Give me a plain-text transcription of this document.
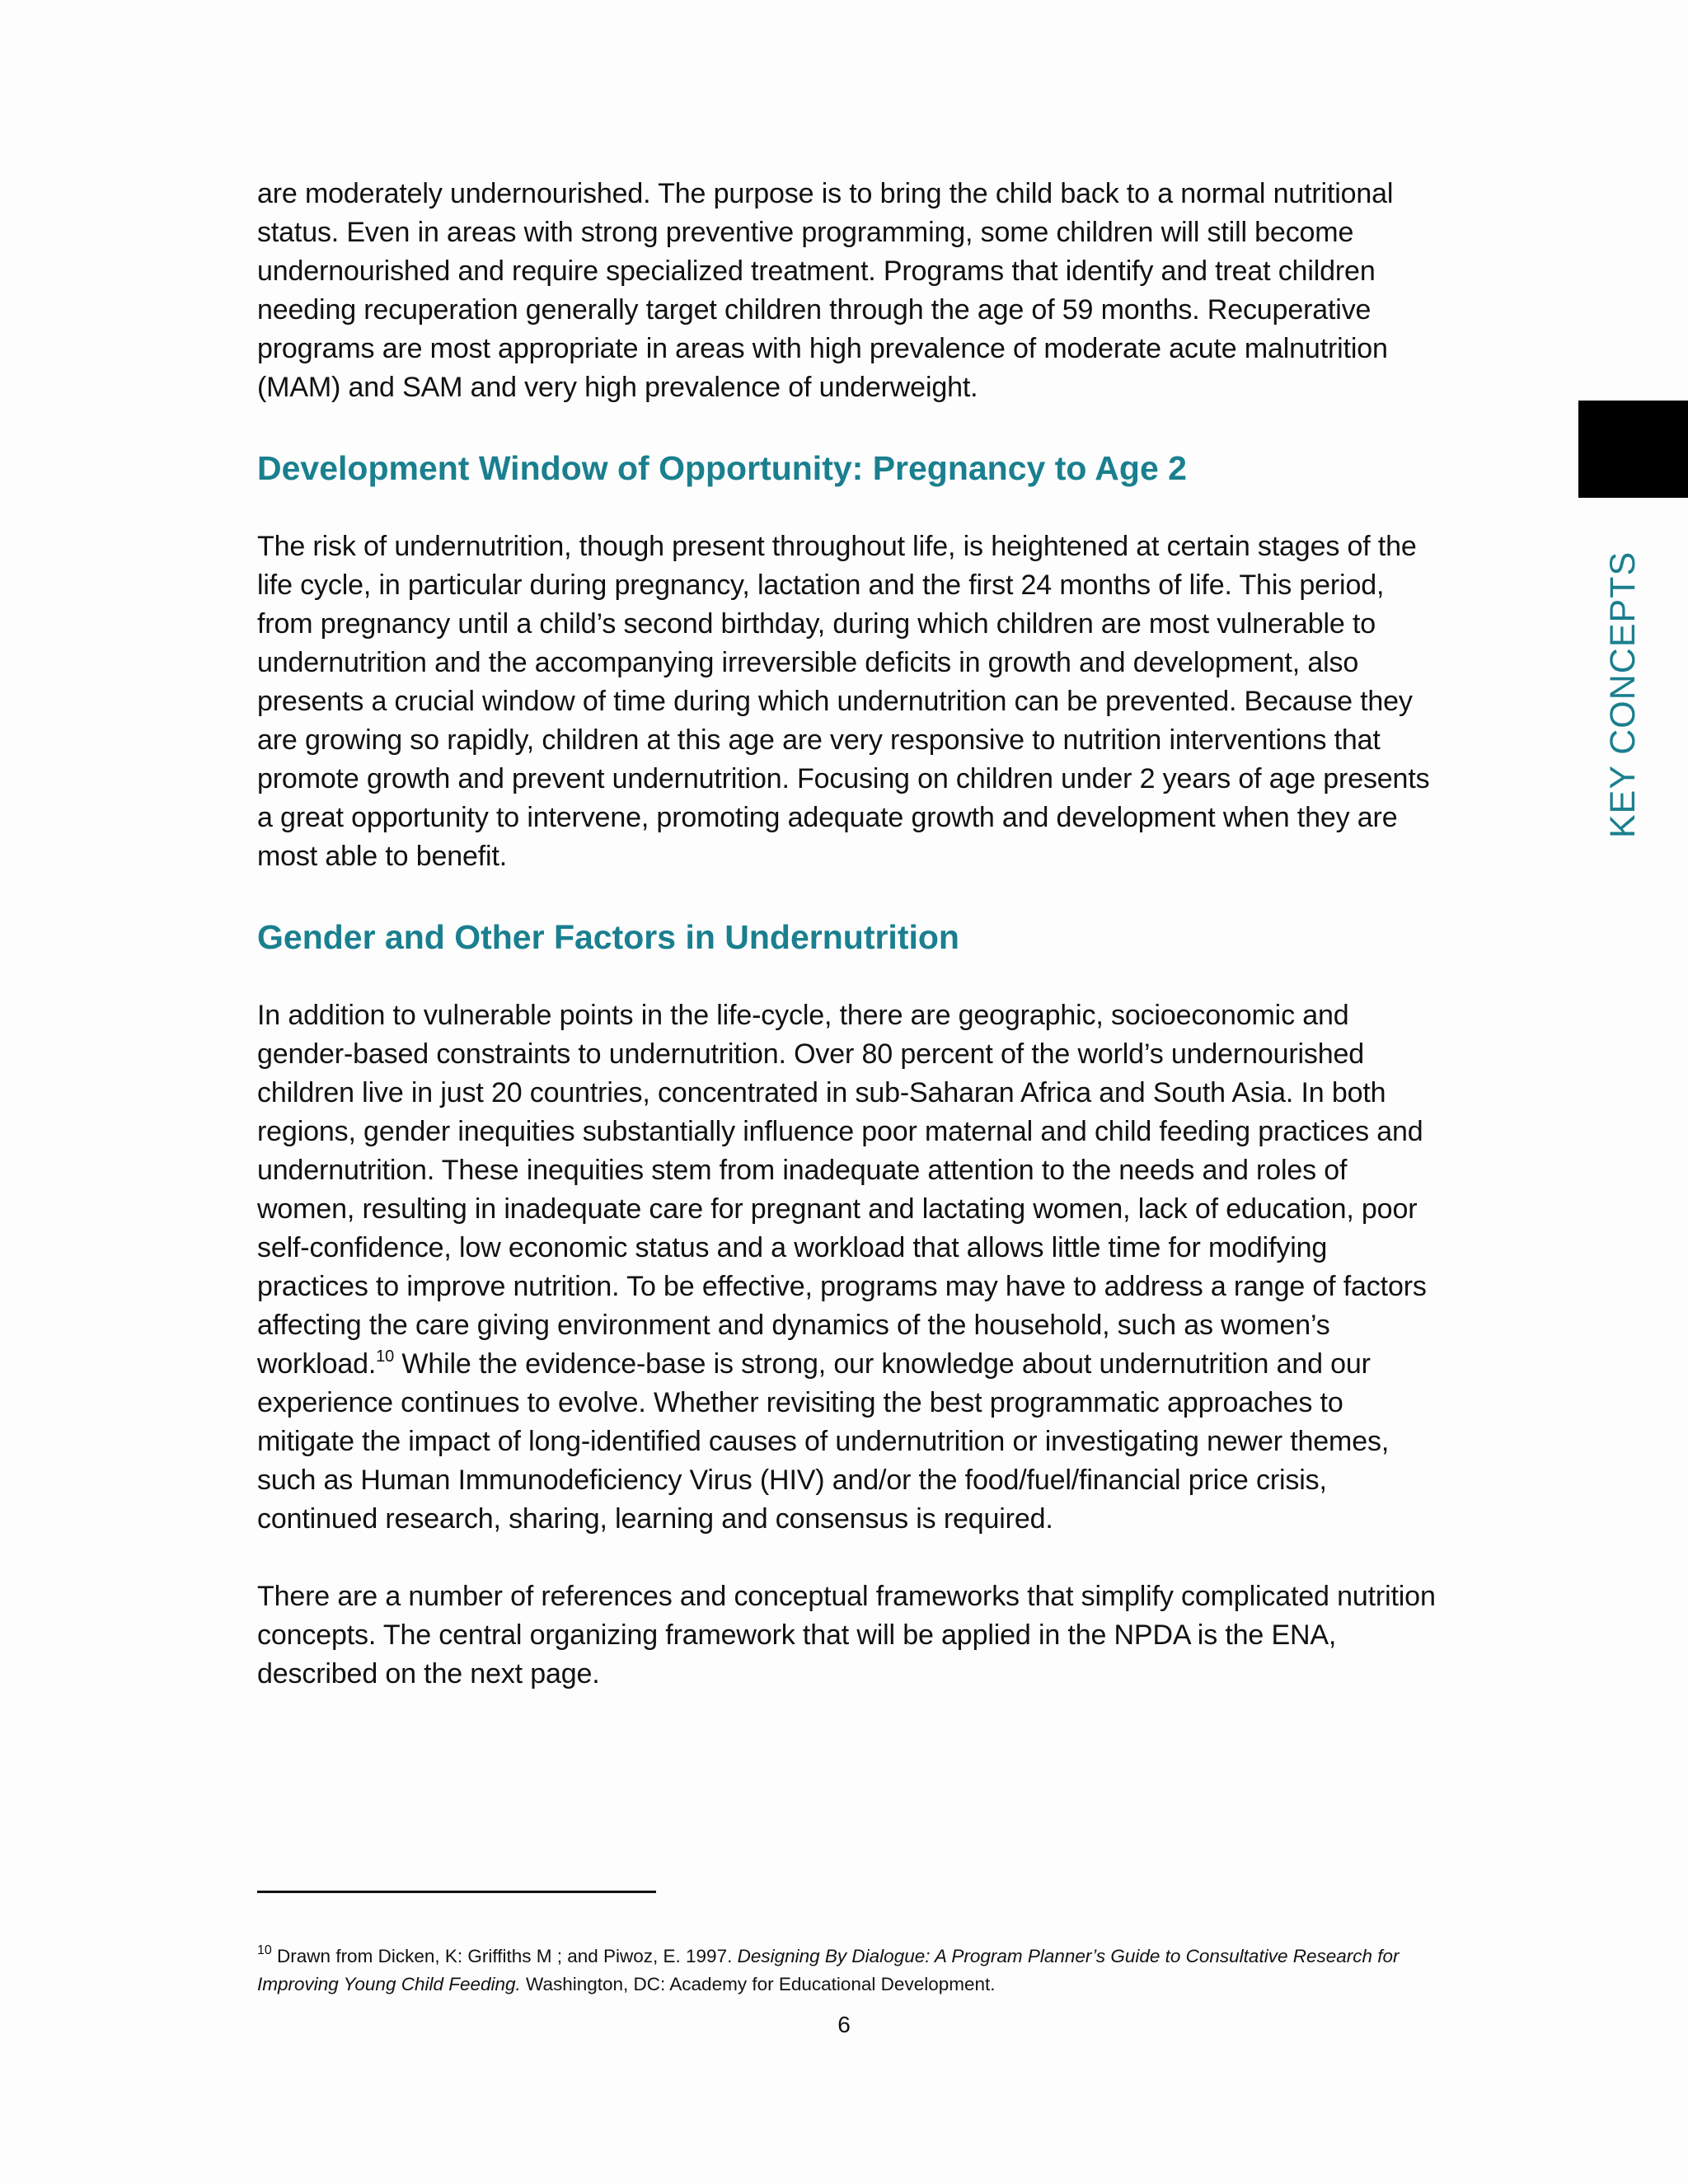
are moderately undernourished. The purpose is to bring the child back to a normal nutritional status. Even in areas with strong preventive programming, some children will still become undernourished and require specialized treatment. Programs that identify and treat children needing recuperation generally target children through the age of 59 months. Recuperative programs are most appropriate in areas with high prevalence of moderate acute malnutrition (MAM) and SAM and very high prevalence of underweight.

Development Window of Opportunity: Pregnancy to Age 2

The risk of undernutrition, though present throughout life, is heightened at certain stages of the life cycle, in particular during pregnancy, lactation and the first 24 months of life. This period, from pregnancy until a child’s second birthday, during which children are most vulnerable to undernutrition and the accompanying irreversible deficits in growth and development, also presents a crucial window of time during which undernutrition can be prevented. Because they are growing so rapidly, children at this age are very responsive to nutrition interventions that promote growth and prevent undernutrition. Focusing on children under 2 years of age presents a great opportunity to intervene, promoting adequate growth and development when they are most able to benefit.

Gender and Other Factors in Undernutrition

In addition to vulnerable points in the life-cycle, there are geographic, socioeconomic and gender-based constraints to undernutrition. Over 80 percent of the world’s undernourished children live in just 20 countries, concentrated in sub-Saharan Africa and South Asia. In both regions, gender inequities substantially influence poor maternal and child feeding practices and undernutrition. These inequities stem from inadequate attention to the needs and roles of women, resulting in inadequate care for pregnant and lactating women, lack of education, poor self-confidence, low economic status and a workload that allows little time for modifying practices to improve nutrition. To be effective, programs may have to address a range of factors affecting the care giving environment and dynamics of the household, such as women’s workload.$^{10}$ While the evidence-base is strong, our knowledge about undernutrition and our experience continues to evolve. Whether revisiting the best programmatic approaches to mitigate the impact of long-identified causes of undernutrition or investigating newer themes, such as Human Immunodeficiency Virus (HIV) and/or the food/fuel/financial price crisis, continued research, sharing, learning and consensus is required.

There are a number of references and conceptual frameworks that simplify complicated nutrition concepts. The central organizing framework that will be applied in the NPDA is the ENA, described on the next page.

$^{10}$ Drawn from Dicken, K: Griffiths M ; and Piwoz, E. 1997. Designing By Dialogue: A Program Planner’s Guide to Consultative Research for Improving Young Child Feeding. Washington, DC: Academy for Educational Development.

6

KEY CONCEPTS
